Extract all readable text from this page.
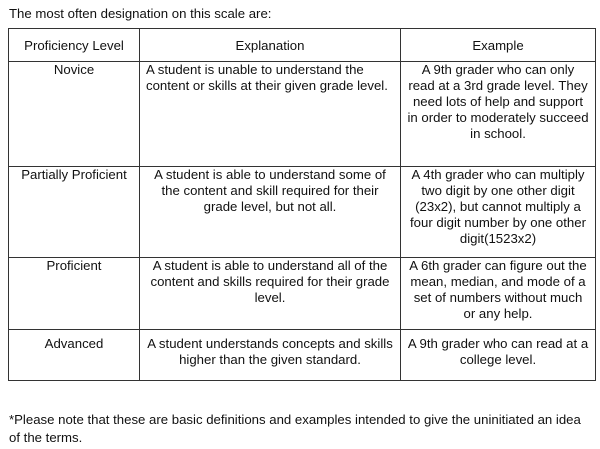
The most often designation on this scale are:

Proficiency Level	Explanation	Example
Novice	A student is unable to understand the content or skills at their given grade level.	A 9th grader who can only read at a 3rd grade level. They need lots of help and support in order to moderately succeed in school.
Partially Proficient	A student is able to understand some of the content and skill required for their grade level, but not all.	A 4th grader who can multiply two digit by one other digit (23x2), but cannot multiply a four digit number by one other digit(1523x2)
Proficient	A student is able to understand all of the content and skills required for their grade level.	A 6th grader can figure out the mean, median, and mode of a set of numbers without much or any help.
Advanced	A student understands concepts and skills higher than the given standard.	A 9th grader who can read at a college level.

*Please note that these are basic definitions and examples intended to give the uninitiated an idea of the terms.
